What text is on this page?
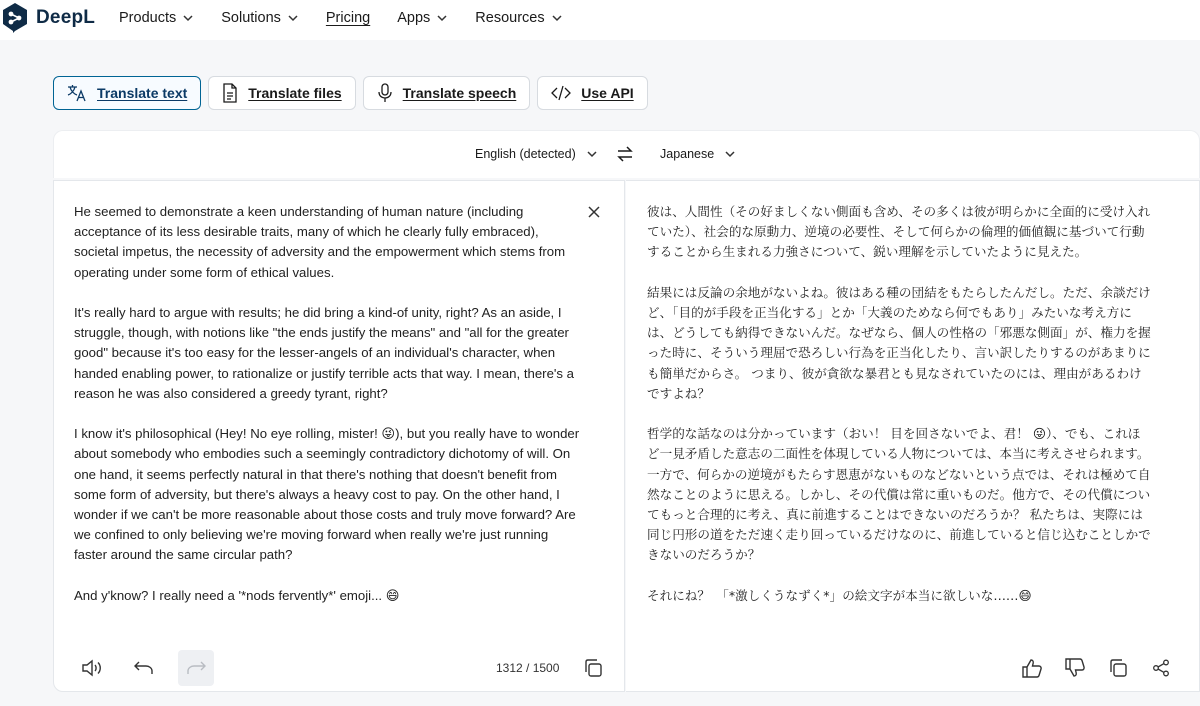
DeepL Products	Solutions	Pricing Apps	Resources
Translate text	Translate files	Translate speech	Use API
English (detected)	Japanese

He seemed to demonstrate a keen understanding of human nature (including acceptance of its less desirable traits, many of which he clearly fully embraced), societal impetus, the necessity of adversity and the empowerment which stems from operating under some form of ethical values.

It's really hard to argue with results; he did bring a kind-of unity, right? As an aside, I struggle, though, with notions like "the ends justify the means" and "all for the greater good" because it's too easy for the lesser-angels of an individual's character, when handed enabling power, to rationalize or justify terrible acts that way. I mean, there's a reason he was also considered a greedy tyrant, right?

I know it's philosophical (Hey! No eye rolling, mister! 😜), but you really have to wonder about somebody who embodies such a seemingly contradictory dichotomy of will. On one hand, it seems perfectly natural in that there's nothing that doesn't benefit from some form of adversity, but there's always a heavy cost to pay. On the other hand, I wonder if we can't be more reasonable about those costs and truly move forward? Are we confined to only believing we're moving forward when really we're just running faster around the same circular path?

And y'know? I really need a '*nods fervently*' emoji... 😄

1312 / 1500

彼は、人間性（その好ましくない側面も含め、その多くは彼が明らかに全面的に受け入れていた）、社会的な原動力、逆境の必要性、そして何らかの倫理的価値観に基づいて行動することから生まれる力強さについて、鋭い理解を示していたように見えた。

結果には反論の余地がないよね。彼はある種の団結をもたらしたんだし。ただ、余談だけど、「目的が手段を正当化する」とか「大義のためなら何でもあり」みたいな考え方には、どうしても納得できないんだ。なぜなら、個人の性格の「邪悪な側面」が、権力を握った時に、そういう理屈で恐ろしい行為を正当化したり、言い訳したりするのがあまりにも簡単だからさ。 つまり、彼が貪欲な暴君とも見なされていたのには、理由があるわけですよね？

哲学的な話なのは分かっています（おい！ 目を回さないでよ、君！ 😜）、でも、これほど一見矛盾した意志の二面性を体現している人物については、本当に考えさせられます。 一方で、何らかの逆境がもたらす恩恵がないものなどないという点では、それは極めて自然なことのように思える。しかし、その代償は常に重いものだ。他方で、その代償についてもっと合理的に考え、真に前進することはできないのだろうか？ 私たちは、実際には同じ円形の道をただ速く走り回っているだけなのに、前進していると信じ込むことしかできないのだろうか？

それにね？　「*激しくうなずく*」の絵文字が本当に欲しいな……😄
